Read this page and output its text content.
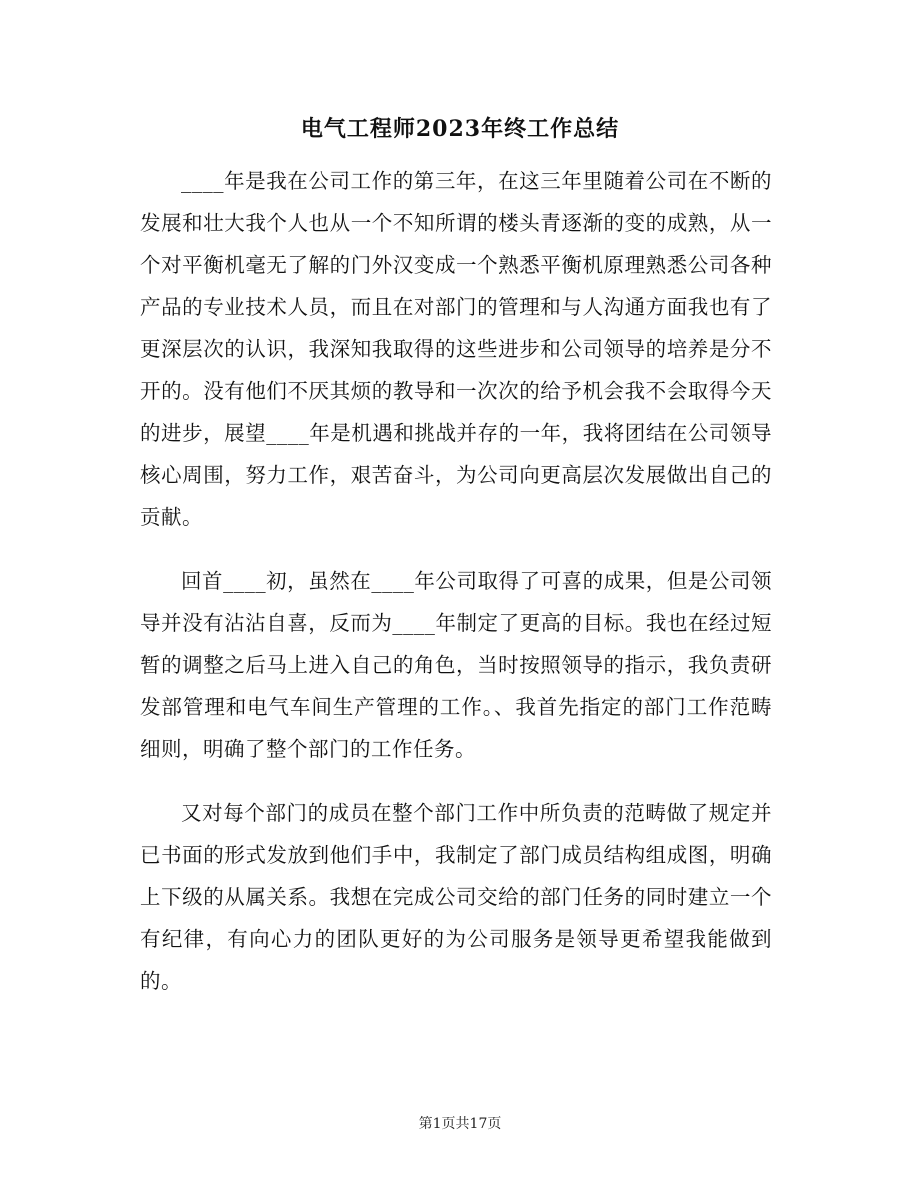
电气工程师2023年终工作总结

____年是我在公司工作的第三年，在这三年里随着公司在不断的发展和壮大我个人也从一个不知所谓的楼头青逐渐的变的成熟，从一个对平衡机毫无了解的门外汉变成一个熟悉平衡机原理熟悉公司各种产品的专业技术人员，而且在对部门的管理和与人沟通方面我也有了更深层次的认识，我深知我取得的这些进步和公司领导的培养是分不开的。没有他们不厌其烦的教导和一次次的给予机会我不会取得今天的进步，展望____年是机遇和挑战并存的一年，我将团结在公司领导核心周围，努力工作，艰苦奋斗，为公司向更高层次发展做出自己的贡献。

回首____初，虽然在____年公司取得了可喜的成果，但是公司领导并没有沾沾自喜，反而为____年制定了更高的目标。我也在经过短暂的调整之后马上进入自己的角色，当时按照领导的指示，我负责研发部管理和电气车间生产管理的工作。、我首先指定的部门工作范畴细则，明确了整个部门的工作任务。

又对每个部门的成员在整个部门工作中所负责的范畴做了规定并已书面的形式发放到他们手中，我制定了部门成员结构组成图，明确上下级的从属关系。我想在完成公司交给的部门任务的同时建立一个有纪律，有向心力的团队更好的为公司服务是领导更希望我能做到的。

第1页共17页
